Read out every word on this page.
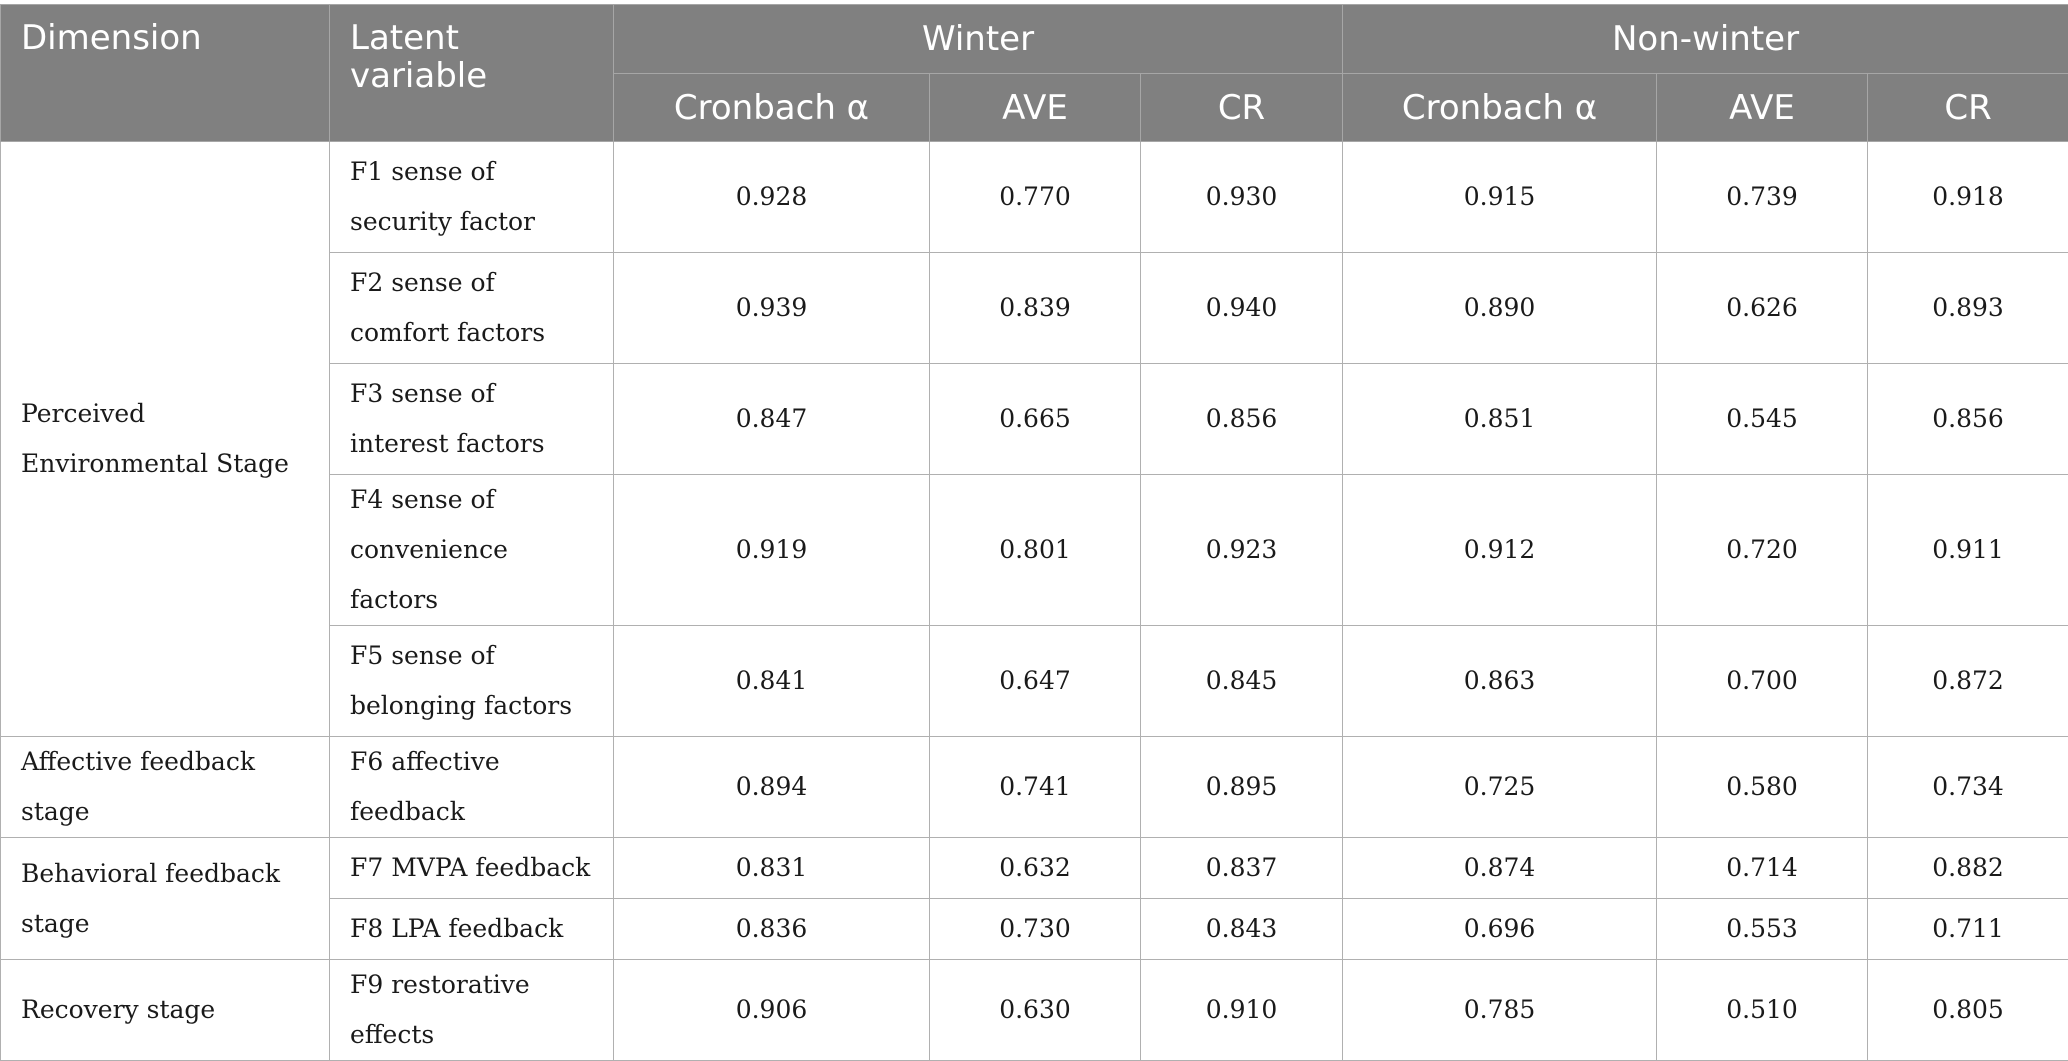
Dimension	Latent variable	Winter			Non-winter		
		Cronbach α	AVE	CR	Cronbach α	AVE	CR
Perceived Environmental Stage	F1 sense of security factor	0.928	0.770	0.930	0.915	0.739	0.918
	F2 sense of comfort factors	0.939	0.839	0.940	0.890	0.626	0.893
	F3 sense of interest factors	0.847	0.665	0.856	0.851	0.545	0.856
	F4 sense of convenience factors	0.919	0.801	0.923	0.912	0.720	0.911
	F5 sense of belonging factors	0.841	0.647	0.845	0.863	0.700	0.872
Affective feedback stage	F6 affective feedback	0.894	0.741	0.895	0.725	0.580	0.734
Behavioral feedback stage	F7 MVPA feedback	0.831	0.632	0.837	0.874	0.714	0.882
	F8 LPA feedback	0.836	0.730	0.843	0.696	0.553	0.711
Recovery stage	F9 restorative effects	0.906	0.630	0.910	0.785	0.510	0.805
